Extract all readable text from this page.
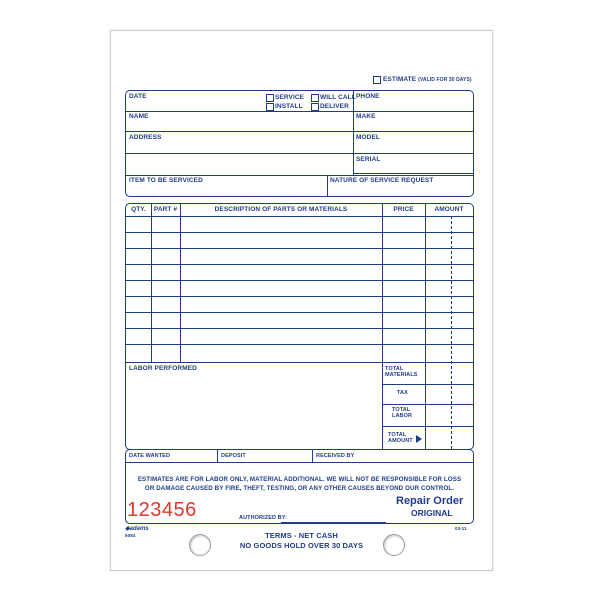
ESTIMATE (VALID FOR 30 DAYS)
DATE	SERVICE
INSTALL
WILL CALL
DELIVER
PHONE
NAME	MAKE
ADDRESS	MODEL
SERIAL
ITEM TO BE SERVICED	NATURE OF SERVICE REQUEST
QTY.	PART #	DESCRIPTION OF PARTS OR MATERIALS	PRICE	AMOUNT
LABOR PERFORMED	TOTAL
MATERIALS
TAX
TOTAL
LABOR
TOTAL
AMOUNT
DATE WANTED	DEPOSIT	RECEIVED BY
ESTIMATES ARE FOR LABOR ONLY, MATERIAL ADDITIONAL. WE WILL NOT BE RESPONSIBLE FOR LOSS
OR DAMAGE CAUSED BY FIRE, THEFT, TESTING, OR ANY OTHER CAUSES BEYOND OUR CONTROL.
123456	AUTHORIZED BY:
Repair Order
ORIGINAL
◆adams
5084
03-11
TERMS - NET CASH
NO GOODS HOLD OVER 30 DAYS
